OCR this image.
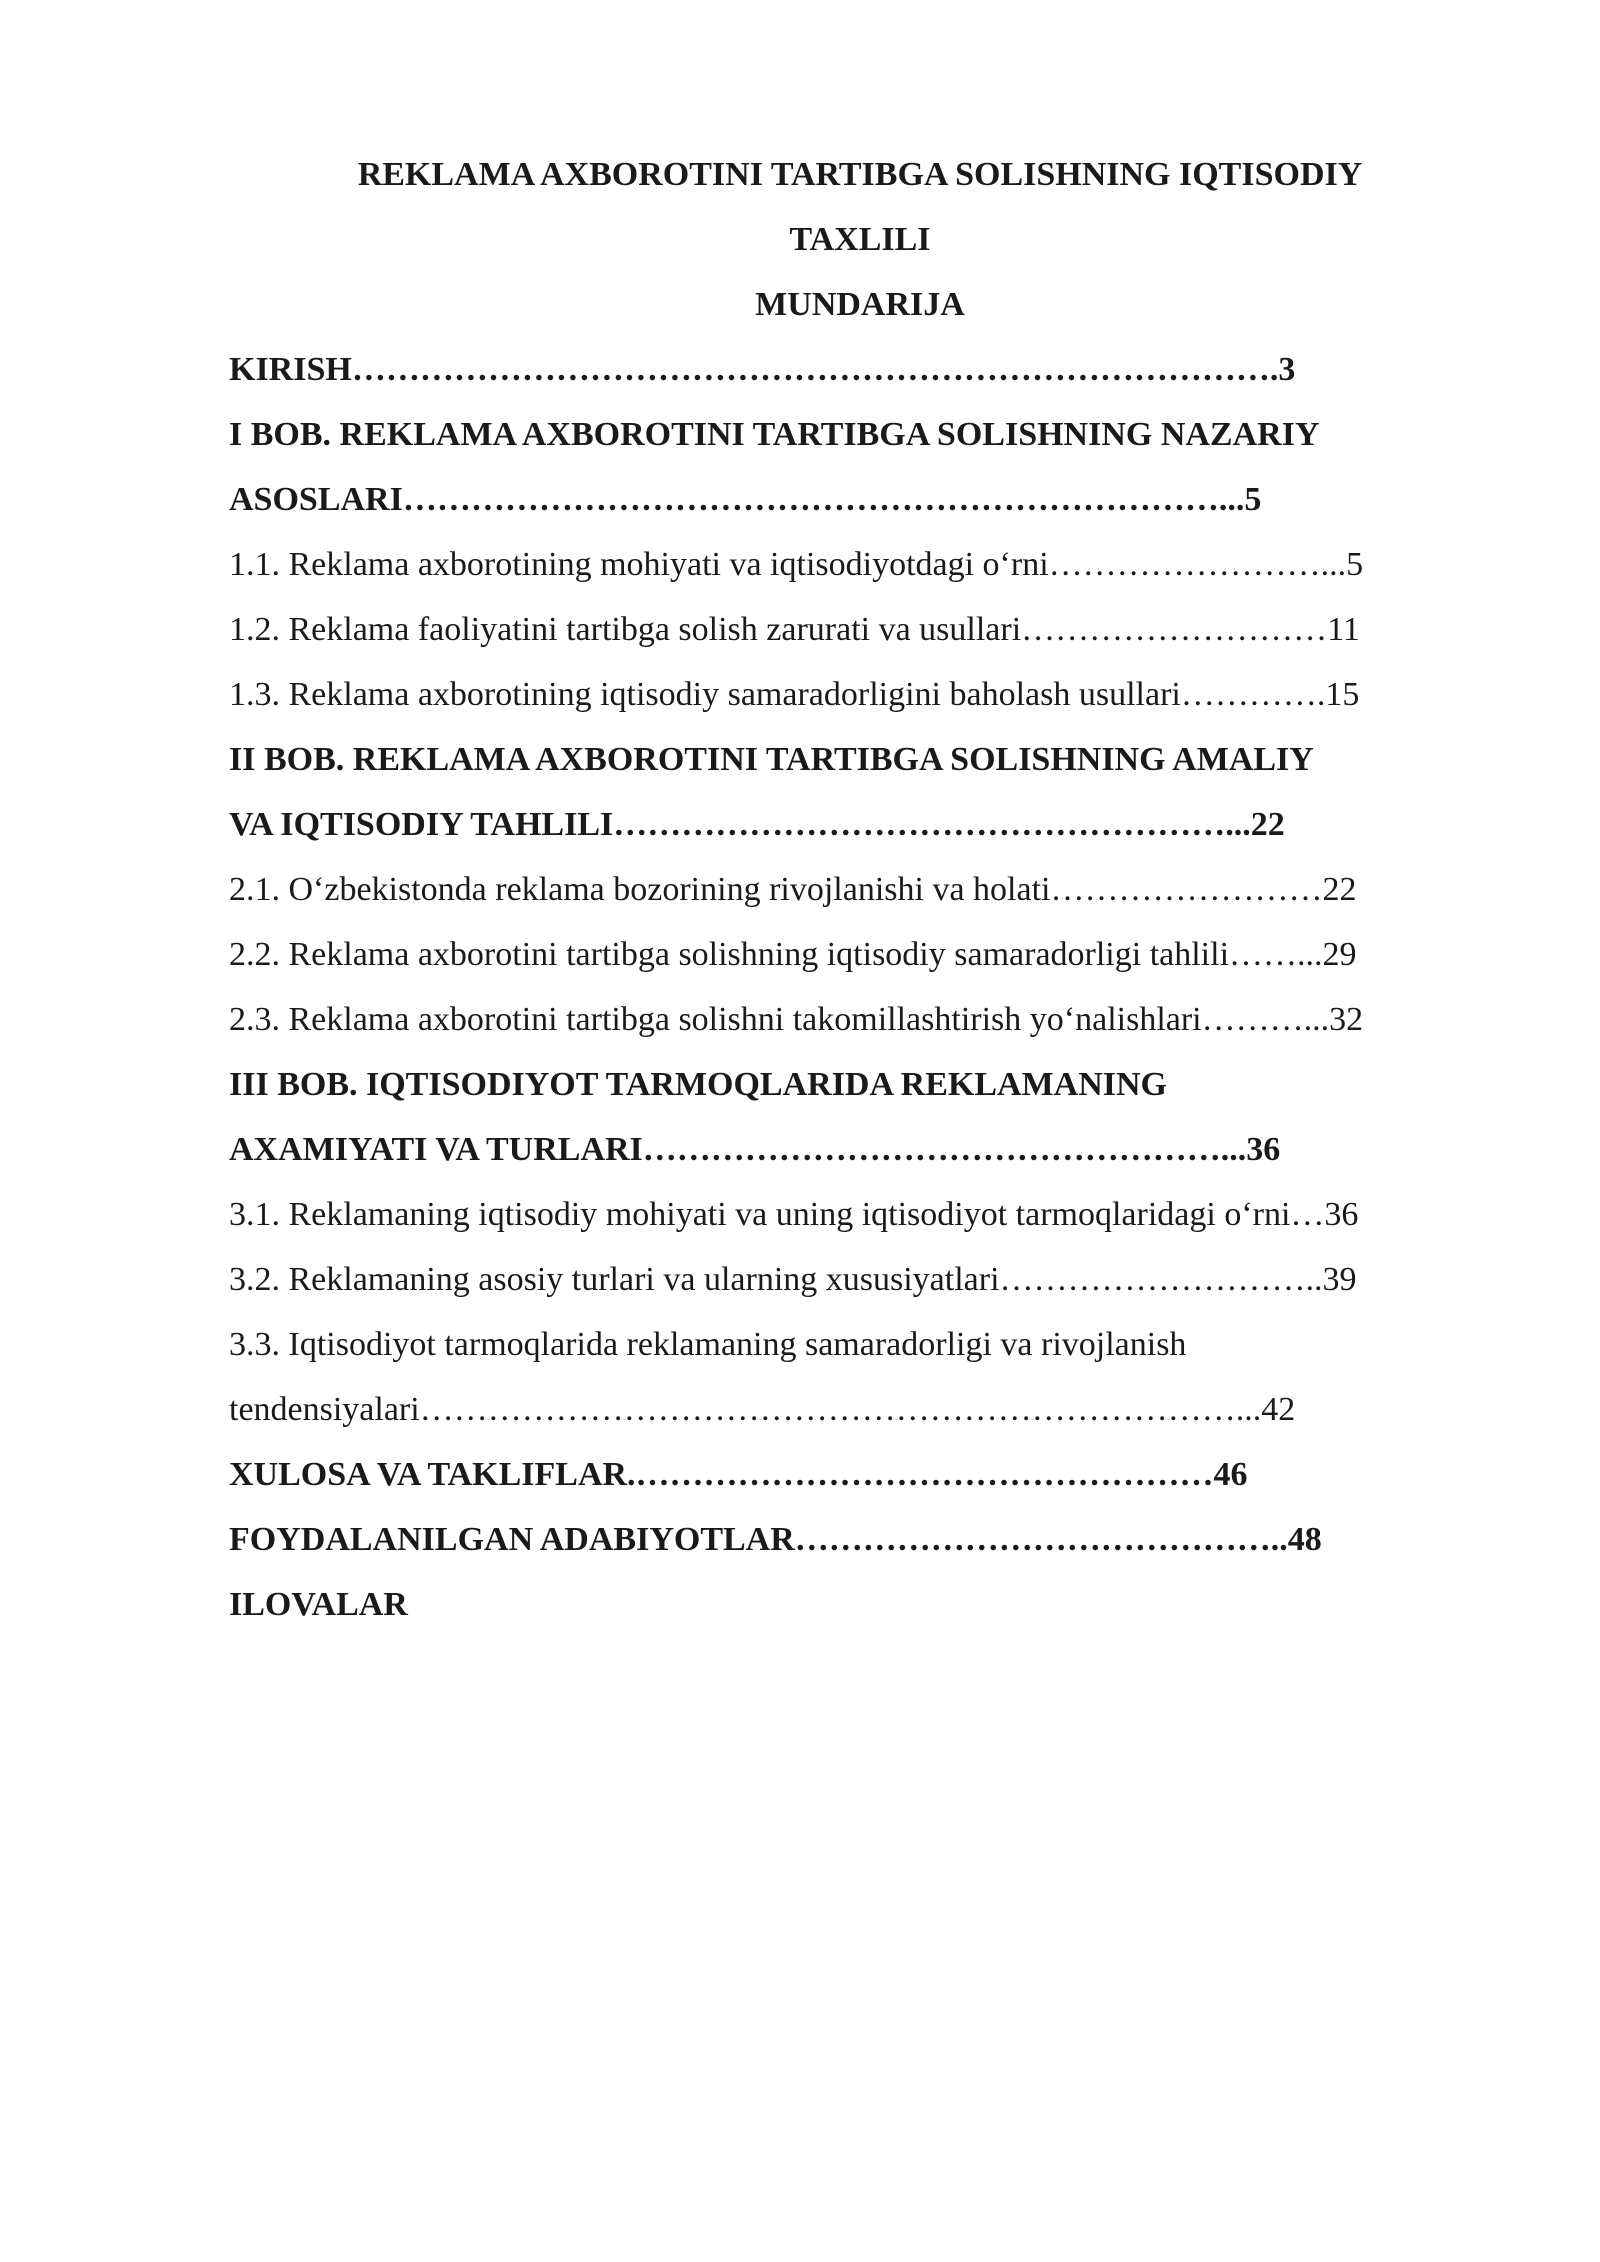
REKLAMA AXBOROTINI TARTIBGA SOLISHNING IQTISODIY
TAXLILI
MUNDARIJA
KIRISH……………………………………………………………………….3
I BOB. REKLAMA AXBOROTINI TARTIBGA SOLISHNING NAZARIY
ASOSLARI………………………………………………………………...5
1.1. Reklama axborotining mohiyati va iqtisodiyotdagi o‘rni……………………...5
1.2. Reklama faoliyatini tartibga solish zarurati va usullari………………………11
1.3. Reklama axborotining iqtisodiy samaradorligini baholash usullari………….15
II BOB. REKLAMA AXBOROTINI TARTIBGA SOLISHNING AMALIY
VA IQTISODIY TAHLILI………………………………………………...22
2.1. O‘zbekistonda reklama bozorining rivojlanishi va holati……………………22
2.2. Reklama axborotini tartibga solishning iqtisodiy samaradorligi tahlili……...29
2.3. Reklama axborotini tartibga solishni takomillashtirish yo‘nalishlari………...32
III BOB. IQTISODIYOT TARMOQLARIDA REKLAMANING
AXAMIYATI VA TURLARI……………………………………………...36
3.1. Reklamaning iqtisodiy mohiyati va uning iqtisodiyot tarmoqlaridagi o‘rni…36
3.2. Reklamaning asosiy turlari va ularning xususiyatlari………………………..39
3.3. Iqtisodiyot tarmoqlarida reklamaning samaradorligi va rivojlanish
tendensiyalari………………………………………………………………...42
XULOSA VA TAKLIFLAR.……………………………………………46
FOYDALANILGAN ADABIYOTLAR……………………………………..48
ILOVALAR
